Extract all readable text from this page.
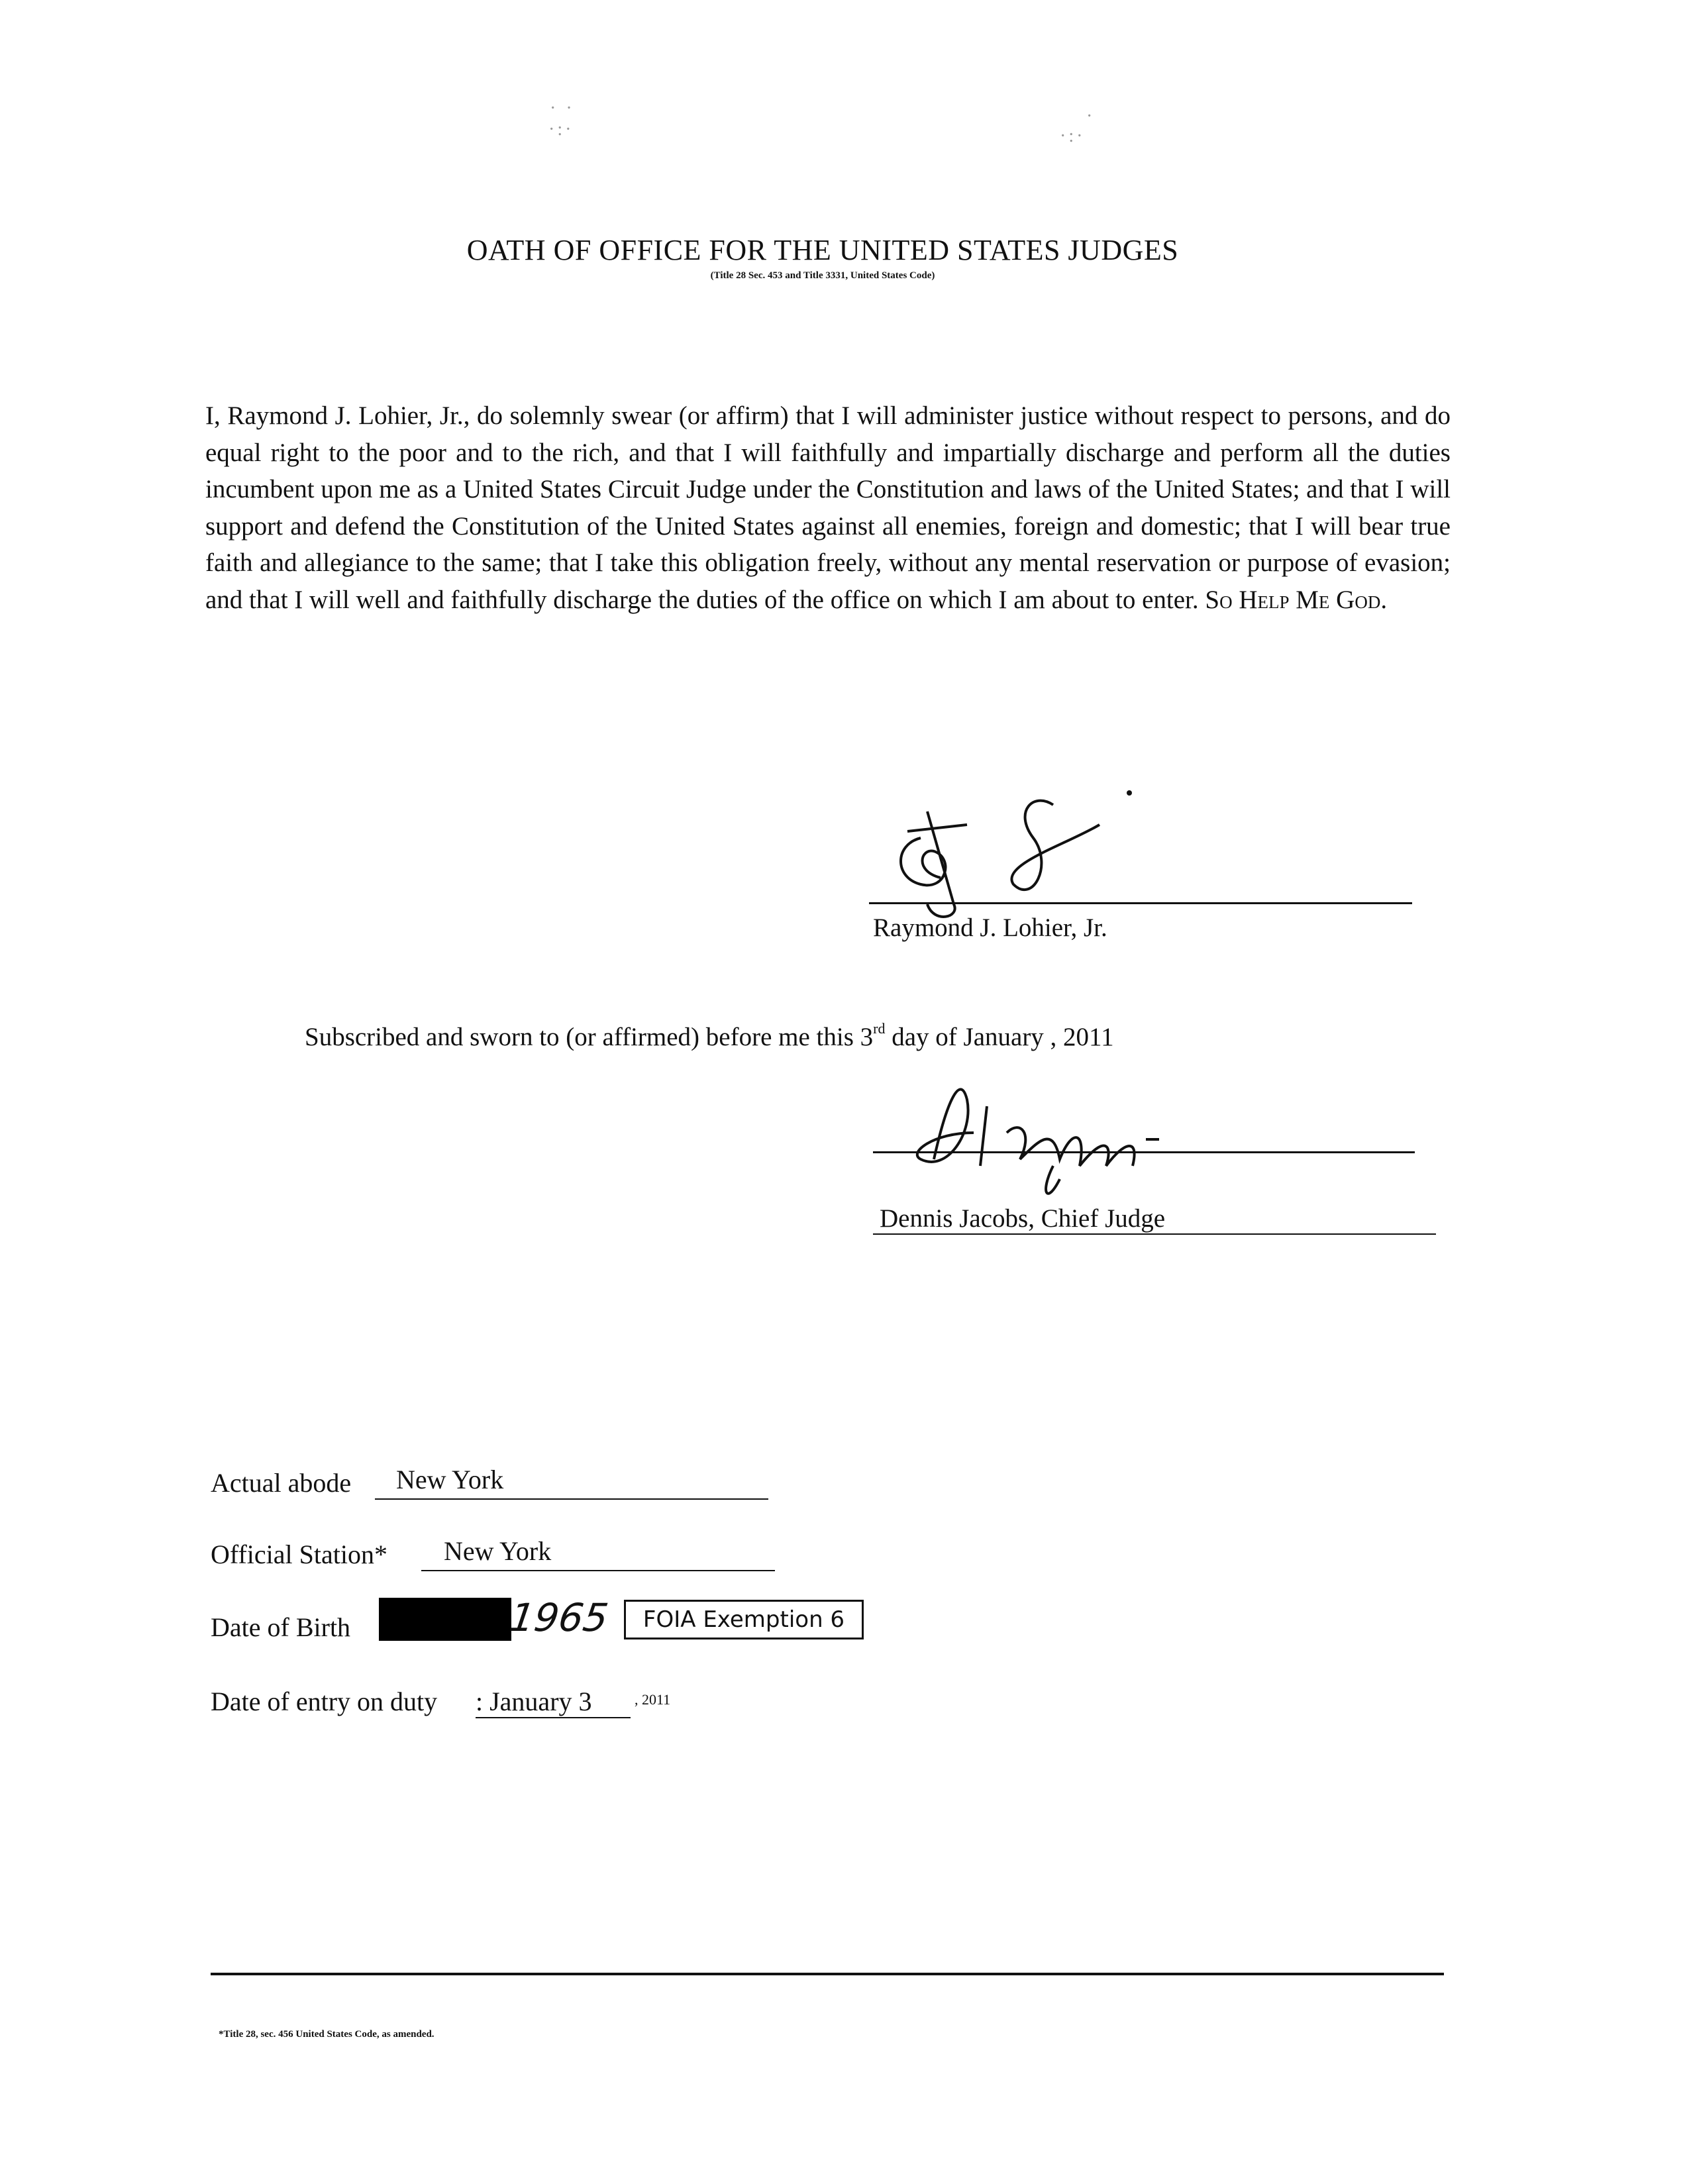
· ·
·:·
·
·:·
OATH OF OFFICE FOR THE UNITED STATES JUDGES
(Title 28 Sec. 453 and Title 3331, United States Code)
I, Raymond J. Lohier, Jr., do solemnly swear (or affirm) that I will administer justice without respect to persons, and do equal right to the poor and to the rich, and that I will faithfully and impartially discharge and perform all the duties incumbent upon me as a United States Circuit Judge under the Constitution and laws of the United States; and that I will support and defend the Constitution of the United States against all enemies, foreign and domestic; that I will bear true faith and allegiance to the same; that I take this obligation freely, without any mental reservation or purpose of evasion; and that I will well and faithfully discharge the duties of the office on which I am about to enter. So Help Me God.
Raymond J. Lohier, Jr.
Subscribed and sworn to (or affirmed) before me this 3rd day of January , 2011
Dennis Jacobs, Chief Judge
Actual abode New York
Official Station* New York
Date of Birth	1965	FOIA Exemption 6
Date of entry on duty : January 3	, 2011
*Title 28, sec. 456 United States Code, as amended.
